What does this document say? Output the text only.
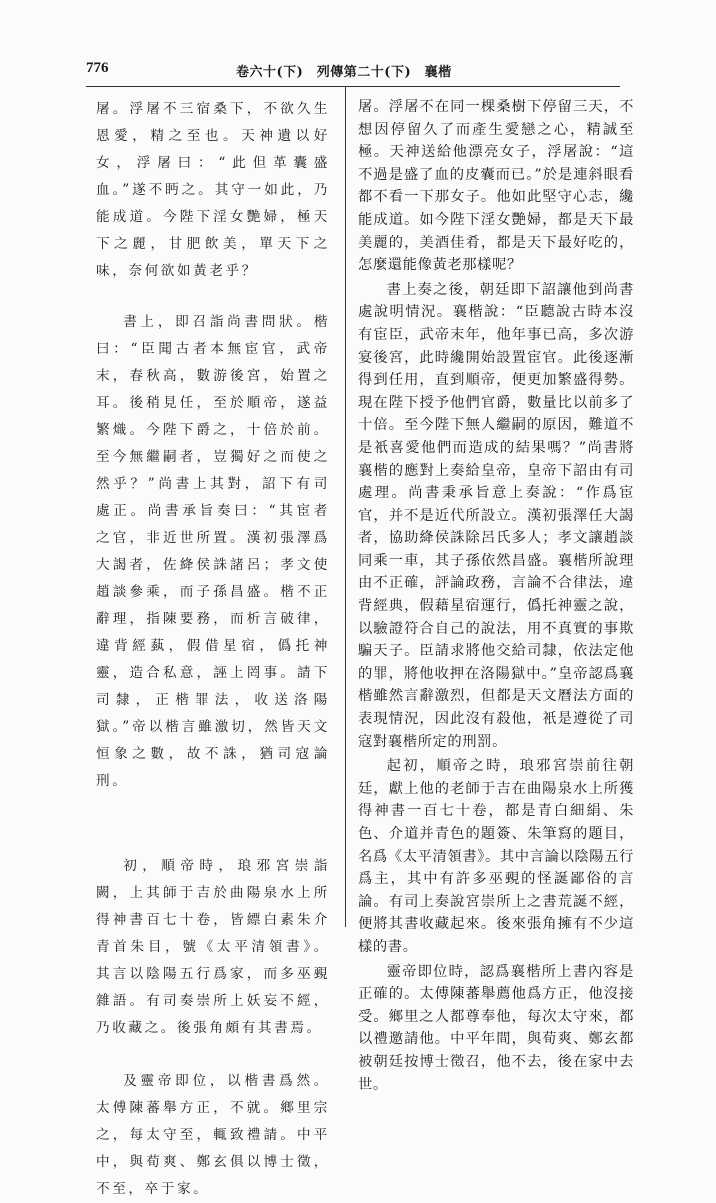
776	卷六十(下)　列傳第二十(下)　襄楷

屠。浮屠不三宿桑下，不欲久生恩愛，精之至也。天神遺以好女，浮屠曰：“此但革囊盛血。”遂不眄之。其守一如此，乃能成道。今陛下淫女艷婦，極天下之麗，甘肥飲美，單天下之味，奈何欲如黃老乎？

書上，即召詣尚書問狀。楷曰：“臣聞古者本無宦官，武帝末，春秋高，數游後宮，始置之耳。後稍見任，至於順帝，遂益繁熾。今陛下爵之，十倍於前。至今無繼嗣者，豈獨好之而使之然乎？”尚書上其對，詔下有司處正。尚書承旨奏曰：“其宦者之官，非近世所置。漢初張澤爲大謁者，佐絳侯誅諸呂；孝文使趙談參乘，而子孫昌盛。楷不正辭理，指陳要務，而析言破律，違背經蓺，假借星宿，僞托神靈，造合私意，誣上罔事。請下司隸，正楷罪法，收送洛陽獄。”帝以楷言雖激切，然皆天文恒象之數，故不誅，猶司寇論刑。

初，順帝時，琅邪宮崇詣闕，上其師于吉於曲陽泉水上所得神書百七十卷，皆縹白素朱介青首朱目，號《太平清領書》。其言以陰陽五行爲家，而多巫覡雜語。有司奏崇所上妖妄不經，乃收藏之。後張角頗有其書焉。

及靈帝即位，以楷書爲然。太傅陳蕃舉方正，不就。鄉里宗之，每太守至，輒致禮請。中平中，與荀爽、鄭玄俱以博士徵，不至，卒于家。

屠。浮屠不在同一棵桑樹下停留三天，不想因停留久了而產生愛戀之心，精誠至極。天神送給他漂亮女子，浮屠說：“這不過是盛了血的皮囊而已。”於是連斜眼看都不看一下那女子。他如此堅守心志，纔能成道。如今陛下淫女艷婦，都是天下最美麗的，美酒佳肴，都是天下最好吃的，怎麼還能像黃老那樣呢？

書上奏之後，朝廷即下詔讓他到尚書處說明情況。襄楷說：“臣聽說古時本沒有宦臣，武帝末年，他年事已高，多次游宴後宮，此時纔開始設置宦官。此後逐漸得到任用，直到順帝，便更加繁盛得勢。現在陛下授予他們官爵，數量比以前多了十倍。至今陛下無人繼嗣的原因，難道不是衹喜愛他們而造成的結果嗎？”尚書將襄楷的應對上奏給皇帝，皇帝下詔由有司處理。尚書秉承旨意上奏說：“作爲宦官，并不是近代所設立。漢初張澤任大謁者，協助絳侯誅除呂氏多人；孝文讓趙談同乘一車，其子孫依然昌盛。襄楷所說理由不正確，評論政務，言論不合律法，違背經典，假藉星宿運行，僞托神靈之說，以驗證符合自己的說法，用不真實的事欺騙天子。臣請求將他交給司隸，依法定他的罪，將他收押在洛陽獄中。”皇帝認爲襄楷雖然言辭激烈，但都是天文曆法方面的表現情況，因此沒有殺他，衹是遵從了司寇對襄楷所定的刑罰。

起初，順帝之時，琅邪宮崇前往朝廷，獻上他的老師于吉在曲陽泉水上所獲得神書一百七十卷，都是青白細絹、朱色、介道并青色的題簽、朱筆寫的題目，名爲《太平清領書》。其中言論以陰陽五行爲主，其中有許多巫覡的怪誕鄙俗的言論。有司上奏說宮崇所上之書荒誕不經，便將其書收藏起來。後來張角擁有不少這樣的書。

靈帝即位時，認爲襄楷所上書內容是正確的。太傅陳蕃舉薦他爲方正，他沒接受。鄉里之人都尊奉他，每次太守來，都以禮邀請他。中平年間，與荀爽、鄭玄都被朝廷按博士徵召，他不去，後在家中去世。
